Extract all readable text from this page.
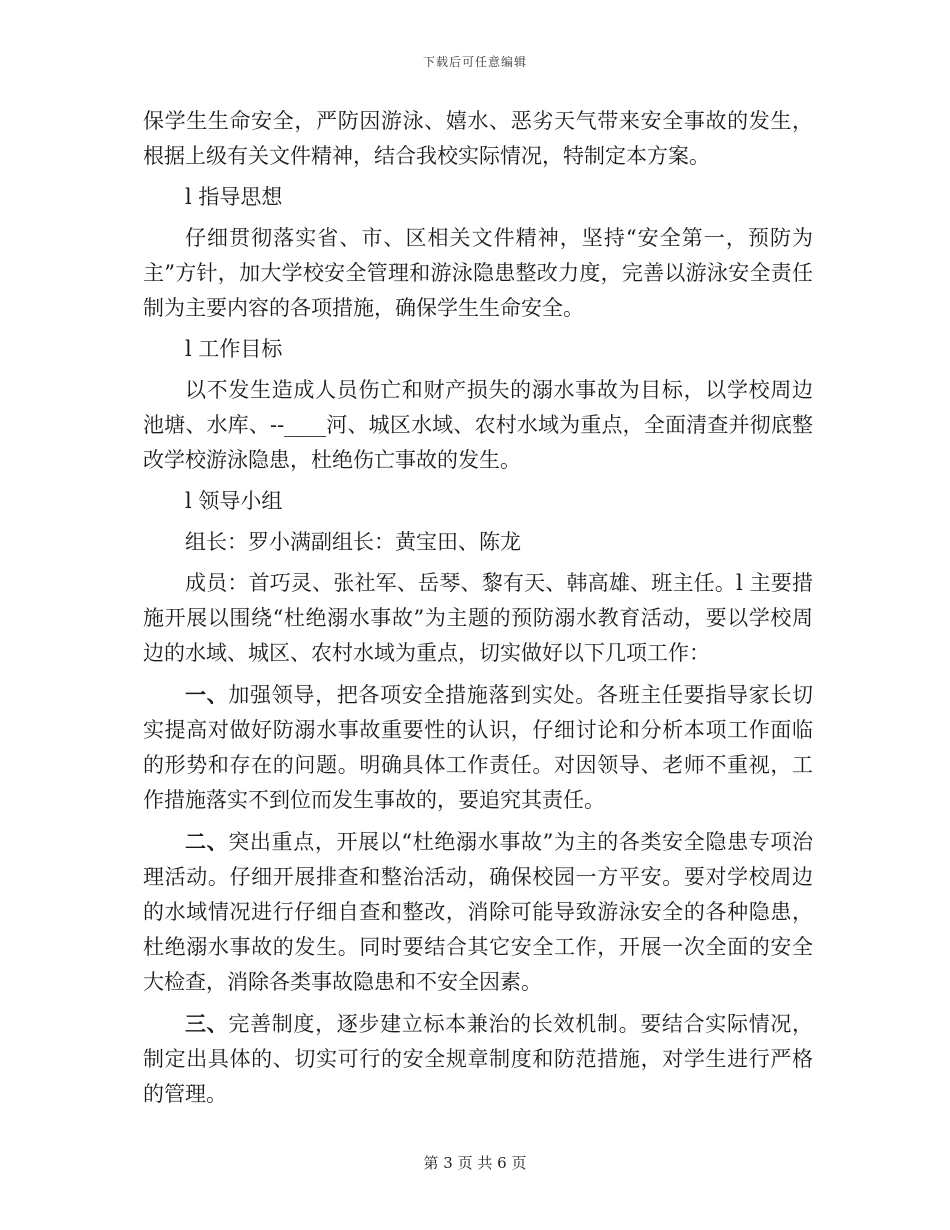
下载后可任意编辑

保学生生命安全，严防因游泳、嬉水、恶劣天气带来安全事故的发生，根据上级有关文件精神，结合我校实际情况，特制定本方案。

l 指导思想

仔细贯彻落实省、市、区相关文件精神，坚持“安全第一，预防为主”方针，加大学校安全管理和游泳隐患整改力度，完善以游泳安全责任制为主要内容的各项措施，确保学生生命安全。

l 工作目标

以不发生造成人员伤亡和财产损失的溺水事故为目标，以学校周边池塘、水库、--____河、城区水域、农村水域为重点，全面清查并彻底整改学校游泳隐患，杜绝伤亡事故的发生。

l 领导小组

组长：罗小满副组长：黄宝田、陈龙

成员：首巧灵、张社军、岳琴、黎有天、韩高雄、班主任。l 主要措施开展以围绕“杜绝溺水事故”为主题的预防溺水教育活动，要以学校周边的水域、城区、农村水域为重点，切实做好以下几项工作：

一、加强领导，把各项安全措施落到实处。各班主任要指导家长切实提高对做好防溺水事故重要性的认识，仔细讨论和分析本项工作面临的形势和存在的问题。明确具体工作责任。对因领导、老师不重视，工作措施落实不到位而发生事故的，要追究其责任。

二、突出重点，开展以“杜绝溺水事故”为主的各类安全隐患专项治理活动。仔细开展排查和整治活动，确保校园一方平安。要对学校周边的水域情况进行仔细自查和整改，消除可能导致游泳安全的各种隐患，杜绝溺水事故的发生。同时要结合其它安全工作，开展一次全面的安全大检查，消除各类事故隐患和不安全因素。

三、完善制度，逐步建立标本兼治的长效机制。要结合实际情况，制定出具体的、切实可行的安全规章制度和防范措施，对学生进行严格的管理。

第 3 页 共 6 页
